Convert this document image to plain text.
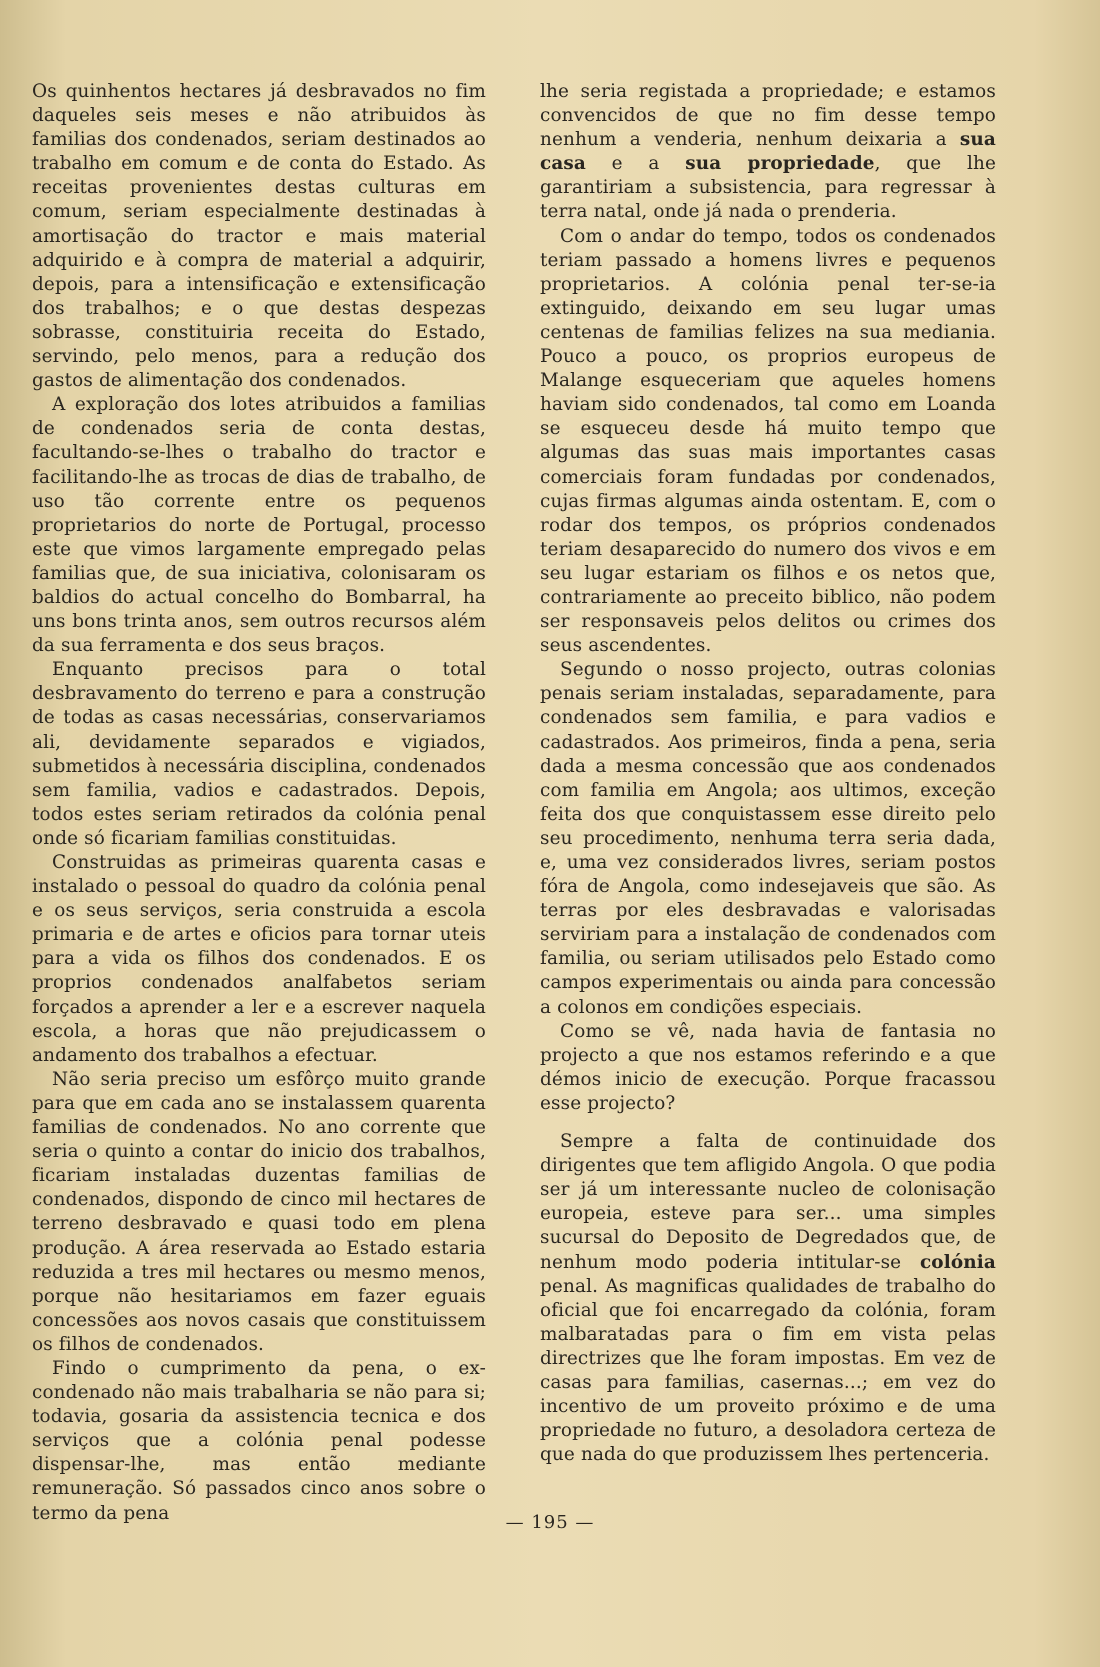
Os quinhentos hectares já desbravados no fim daqueles seis meses e não atribuidos às familias dos condenados, seriam destinados ao trabalho em comum e de conta do Estado. As receitas provenientes destas culturas em comum, seriam especialmente destinadas à amortisação do tractor e mais material adquirido e à compra de material a adquirir, depois, para a intensificação e extensificação dos trabalhos; e o que destas despezas sobrasse, constituiria receita do Estado, servindo, pelo menos, para a redução dos gastos de alimentação dos condenados.

A exploração dos lotes atribuidos a familias de condenados seria de conta destas, facultando-se-lhes o trabalho do tractor e facilitando-lhe as trocas de dias de trabalho, de uso tão corrente entre os pequenos proprietarios do norte de Portugal, processo este que vimos largamente empregado pelas familias que, de sua iniciativa, colonisaram os baldios do actual concelho do Bombarral, ha uns bons trinta anos, sem outros recursos além da sua ferramenta e dos seus braços.

Enquanto precisos para o total desbravamento do terreno e para a construção de todas as casas necessárias, conservariamos ali, devidamente separados e vigiados, submetidos à necessária disciplina, condenados sem familia, vadios e cadastrados. Depois, todos estes seriam retirados da colónia penal onde só ficariam familias constituidas.

Construidas as primeiras quarenta casas e instalado o pessoal do quadro da colónia penal e os seus serviços, seria construida a escola primaria e de artes e oficios para tornar uteis para a vida os filhos dos condenados. E os proprios condenados analfabetos seriam forçados a aprender a ler e a escrever naquela escola, a horas que não prejudicassem o andamento dos trabalhos a efectuar.

Não seria preciso um esfôrço muito grande para que em cada ano se instalassem quarenta familias de condenados. No ano corrente que seria o quinto a contar do inicio dos trabalhos, ficariam instaladas duzentas familias de condenados, dispondo de cinco mil hectares de terreno desbravado e quasi todo em plena produção. A área reservada ao Estado estaria reduzida a tres mil hectares ou mesmo menos, porque não hesitariamos em fazer eguais concessões aos novos casais que constituissem os filhos de condenados.

Findo o cumprimento da pena, o ex-condenado não mais trabalharia se não para si; todavia, gosaria da assistencia tecnica e dos serviços que a colónia penal podesse dispensar-lhe, mas então mediante remuneração. Só passados cinco anos sobre o termo da pena

lhe seria registada a propriedade; e estamos convencidos de que no fim desse tempo nenhum a venderia, nenhum deixaria a sua casa e a sua propriedade, que lhe garantiriam a subsistencia, para regressar à terra natal, onde já nada o prenderia.

Com o andar do tempo, todos os condenados teriam passado a homens livres e pequenos proprietarios. A colónia penal ter-se-ia extinguido, deixando em seu lugar umas centenas de familias felizes na sua mediania. Pouco a pouco, os proprios europeus de Malange esqueceriam que aqueles homens haviam sido condenados, tal como em Loanda se esqueceu desde há muito tempo que algumas das suas mais importantes casas comerciais foram fundadas por condenados, cujas firmas algumas ainda ostentam. E, com o rodar dos tempos, os próprios condenados teriam desaparecido do numero dos vivos e em seu lugar estariam os filhos e os netos que, contrariamente ao preceito biblico, não podem ser responsaveis pelos delitos ou crimes dos seus ascendentes.

Segundo o nosso projecto, outras colonias penais seriam instaladas, separadamente, para condenados sem familia, e para vadios e cadastrados. Aos primeiros, finda a pena, seria dada a mesma concessão que aos condenados com familia em Angola; aos ultimos, exceção feita dos que conquistassem esse direito pelo seu procedimento, nenhuma terra seria dada, e, uma vez considerados livres, seriam postos fóra de Angola, como indesejaveis que são. As terras por eles desbravadas e valorisadas serviriam para a instalação de condenados com familia, ou seriam utilisados pelo Estado como campos experimentais ou ainda para concessão a colonos em condições especiais.

Como se vê, nada havia de fantasia no projecto a que nos estamos referindo e a que démos inicio de execução. Porque fracassou esse projecto?

Sempre a falta de continuidade dos dirigentes que tem afligido Angola. O que podia ser já um interessante nucleo de colonisação europeia, esteve para ser... uma simples sucursal do Deposito de Degredados que, de nenhum modo poderia intitular-se colónia penal. As magnificas qualidades de trabalho do oficial que foi encarregado da colónia, foram malbaratadas para o fim em vista pelas directrizes que lhe foram impostas. Em vez de casas para familias, casernas...; em vez do incentivo de um proveito próximo e de uma propriedade no futuro, a desoladora certeza de que nada do que produzissem lhes pertenceria.

— 195 —
